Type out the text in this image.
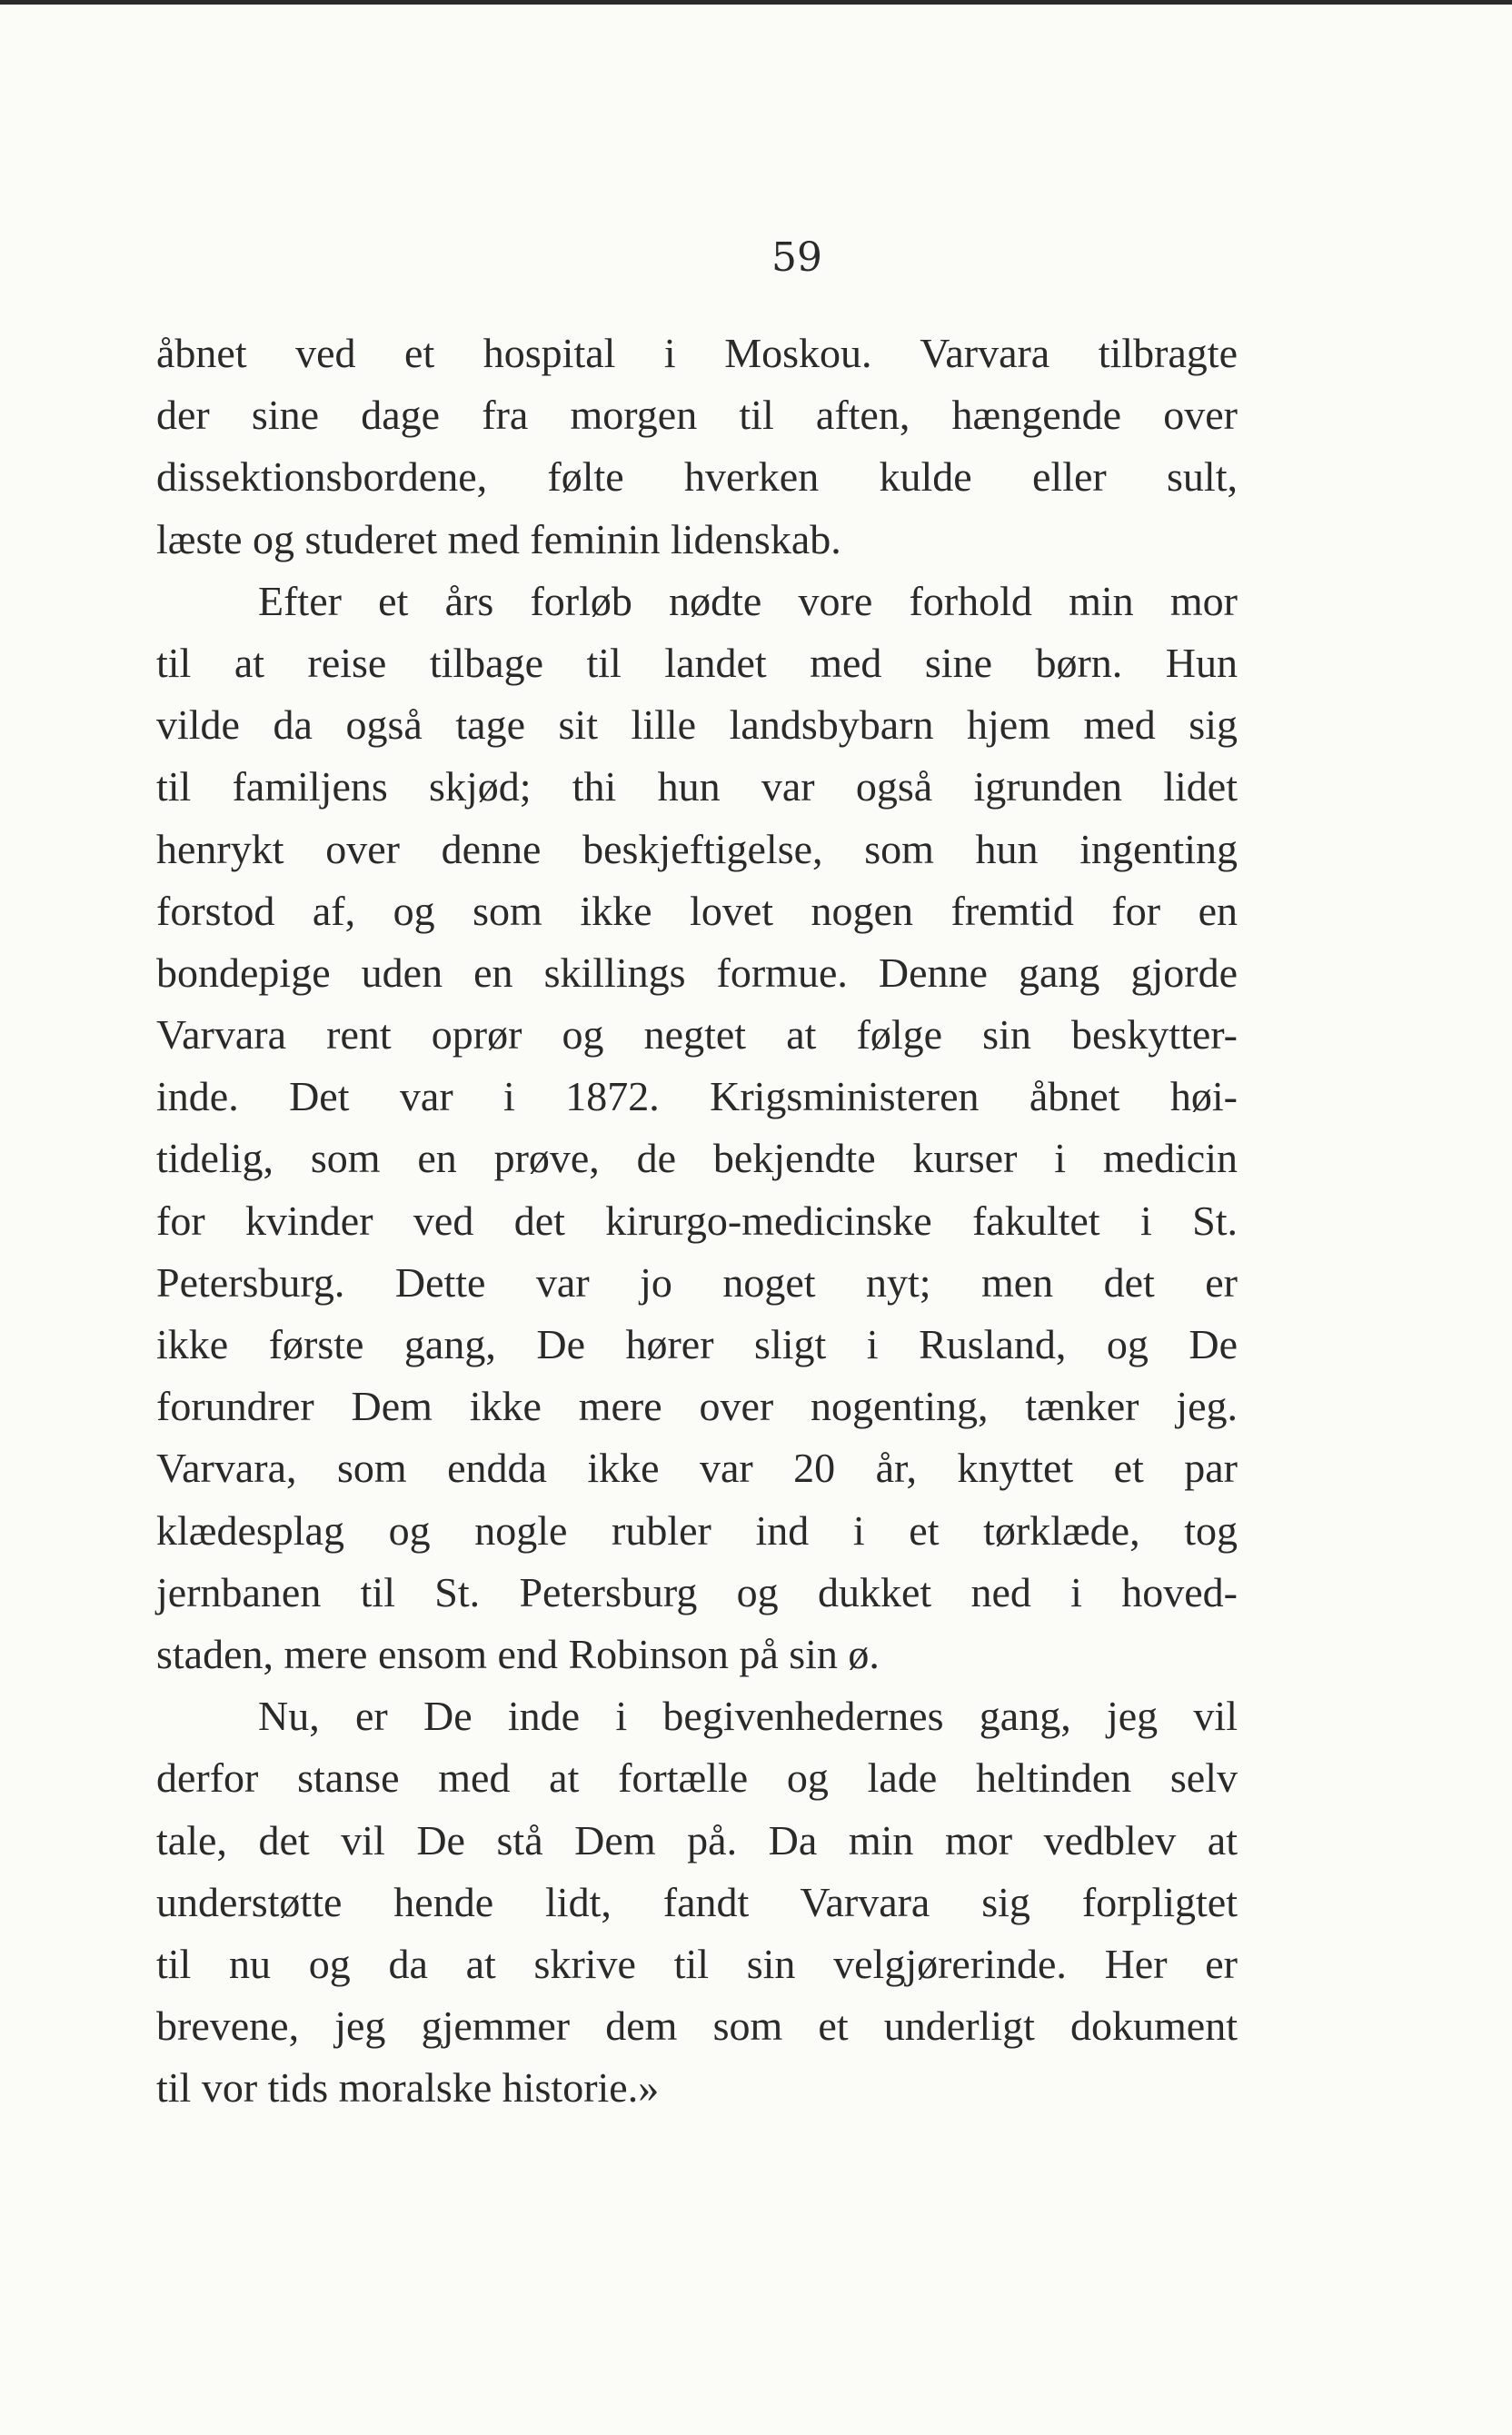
59
åbnet ved et hospital i Moskou. Varvara tilbragte
der sine dage fra morgen til aften, hængende over
dissektionsbordene, følte hverken kulde eller sult,
læste og studeret med feminin lidenskab.
Efter et års forløb nødte vore forhold min mor
til at reise tilbage til landet med sine børn. Hun
vilde da også tage sit lille landsbybarn hjem med sig
til familjens skjød; thi hun var også igrunden lidet
henrykt over denne beskjeftigelse, som hun ingenting
forstod af, og som ikke lovet nogen fremtid for en
bondepige uden en skillings formue. Denne gang gjorde
Varvara rent oprør og negtet at følge sin beskytter-
inde. Det var i 1872. Krigsministeren åbnet høi-
tidelig, som en prøve, de bekjendte kurser i medicin
for kvinder ved det kirurgo-medicinske fakultet i St.
Petersburg. Dette var jo noget nyt; men det er
ikke første gang, De hører sligt i Rusland, og De
forundrer Dem ikke mere over nogenting, tænker jeg.
Varvara, som endda ikke var 20 år, knyttet et par
klædesplag og nogle rubler ind i et tørklæde, tog
jernbanen til St. Petersburg og dukket ned i hoved-
staden, mere ensom end Robinson på sin ø.
Nu, er De inde i begivenhedernes gang, jeg vil
derfor stanse med at fortælle og lade heltinden selv
tale, det vil De stå Dem på. Da min mor vedblev at
understøtte hende lidt, fandt Varvara sig forpligtet
til nu og da at skrive til sin velgjørerinde. Her er
brevene, jeg gjemmer dem som et underligt dokument
til vor tids moralske historie.»
